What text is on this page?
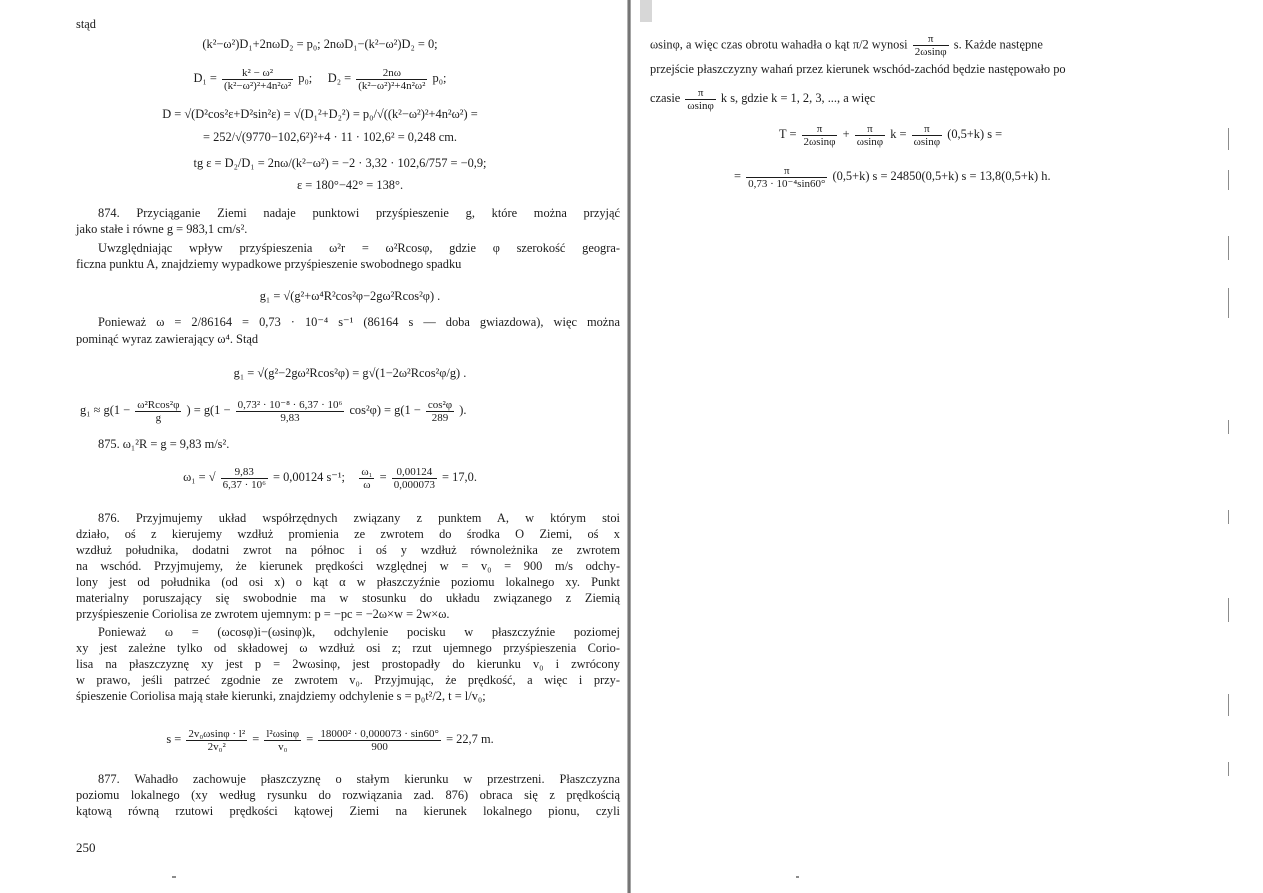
stąd
(k²−ω²)D₁+2nωD₂ = p₀; 2nωD₁−(k²−ω²)D₂ = 0;
$D_1 = \frac{\text{k² − ω²}}{\text{(k²−ω²)²+4n²ω²}} p_0$; $D_2 = \frac{2n\omega}{\text{(k²−ω²)²+4n²ω²}} p_0$;
D = √(D²cos²ε+D²sin²ε) = √(D₁²+D₂²) = p₀/√((k²−ω²)²+4n²ω²) =
= 252/√(9770−102,6²)²+4 · 11 · 102,6² = 0,248 cm.
tg ε = D₂/D₁ = 2nω/(k²−ω²) = −2 · 3,32 · 102,6/757 = −0,9;
ε = 180°−42° = 138°.
874. Przyciąganie Ziemi nadaje punktowi przyśpieszenie g, które można przyjąć
jako stałe i równe g = 983,1 cm/s².
Uwzględniając wpływ przyśpieszenia ω²r = ω²Rcosφ, gdzie φ szerokość geogra-
ficzna punktu A, znajdziemy wypadkowe przyśpieszenie swobodnego spadku
g₁ = √(g²+ω⁴R²cos²φ−2gω²Rcos²φ) .
Ponieważ ω = 2/86164 = 0,73 · 10⁻⁴ s⁻¹ (86164 s — doba gwiazdowa), więc można
pominąć wyraz zawierający ω⁴. Stąd
g₁ = √(g²−2gω²Rcos²φ) = g√(1−2ω²Rcos²φ/g) .
$g_1 \approx g(1 - \frac{\text{ω²Rcos²φ}}{g}$ ) = $g(1 - \frac{\text{0,73² · 10⁻⁸ · 6,37 · 10⁶}}{9,83} \cos^2\varphi) = g(1 - \frac{\text{cos²φ}}{289}$ ).
875. ω₁²R = g = 9,83 m/s².
ω₁ = √ $\frac{9,83}{\text{6,37 · 10⁶}} = 0,00124$ s⁻¹; $\frac{\text{ω₁}}{\omega} = \frac{0,00124}{0,000073} = 17,0$.
876. Przyjmujemy układ współrzędnych związany z punktem A, w którym stoi
działo, oś z kierujemy wzdłuż promienia ze zwrotem do środka O Ziemi, oś x
wzdłuż południka, dodatni zwrot na północ i oś y wzdłuż równoleżnika ze zwrotem
na wschód. Przyjmujemy, że kierunek prędkości względnej w = v₀ = 900 m/s odchy-
lony jest od południka (od osi x) o kąt α w płaszczyźnie poziomu lokalnego xy. Punkt
materialny poruszający się swobodnie ma w stosunku do układu związanego z Ziemią
przyśpieszenie Coriolisa ze zwrotem ujemnym: p = −pc = −2ω×w = 2w×ω.
Ponieważ ω = (ωcosφ)i−(ωsinφ)k, odchylenie pocisku w płaszczyźnie poziomej
xy jest zależne tylko od składowej ω wzdłuż osi z; rzut ujemnego przyśpieszenia Corio-
lisa na płaszczyznę xy jest p = 2wωsinφ, jest prostopadły do kierunku v₀ i zwrócony
w prawo, jeśli patrzeć zgodnie ze zwrotem v₀. Przyjmując, że prędkość, a więc i przy-
śpieszenie Coriolisa mają stałe kierunki, znajdziemy odchylenie s = p₀t²/2, t = l/v₀;
$s = \frac{\text{2v₀ωsinφ · l²}}{\text{2v₀²}} = \frac{\text{l²ωsinφ}}{\text{v₀}} = \frac{\text{18000² · 0,000073 · sin60°}}{900} = 22,7$ m.
877. Wahadło zachowuje płaszczyznę o stałym kierunku w przestrzeni. Płaszczyzna
poziomu lokalnego (xy według rysunku do rozwiązania zad. 876) obraca się z prędkością
kątową równą rzutowi prędkości kątowej Ziemi na kierunek lokalnego pionu, czyli
250
ωsinφ, a więc czas obrotu wahadła o kąt π/2 wynosi $\frac{\pi}{2\omega\sin\varphi} s$. Każde następne
przejście płaszczyzny wahań przez kierunek wschód-zachód będzie następowało po
czasie $\frac{\pi}{\omega\sin\varphi}$ k s, gdzie k = 1, 2, 3, ..., a więc
$T = \frac{\pi}{2\omega\sin\varphi} + \frac{\pi}{\omega\sin\varphi}$ $k = \frac{\pi}{\omega\sin\varphi} (0,5+k) s$ =
= $\frac{\pi}{\text{0,73 · 10⁻⁴sin60°}} (0,5+k) s = 24850(0,5+k) s = 13,8(0,5+k)$ h.
